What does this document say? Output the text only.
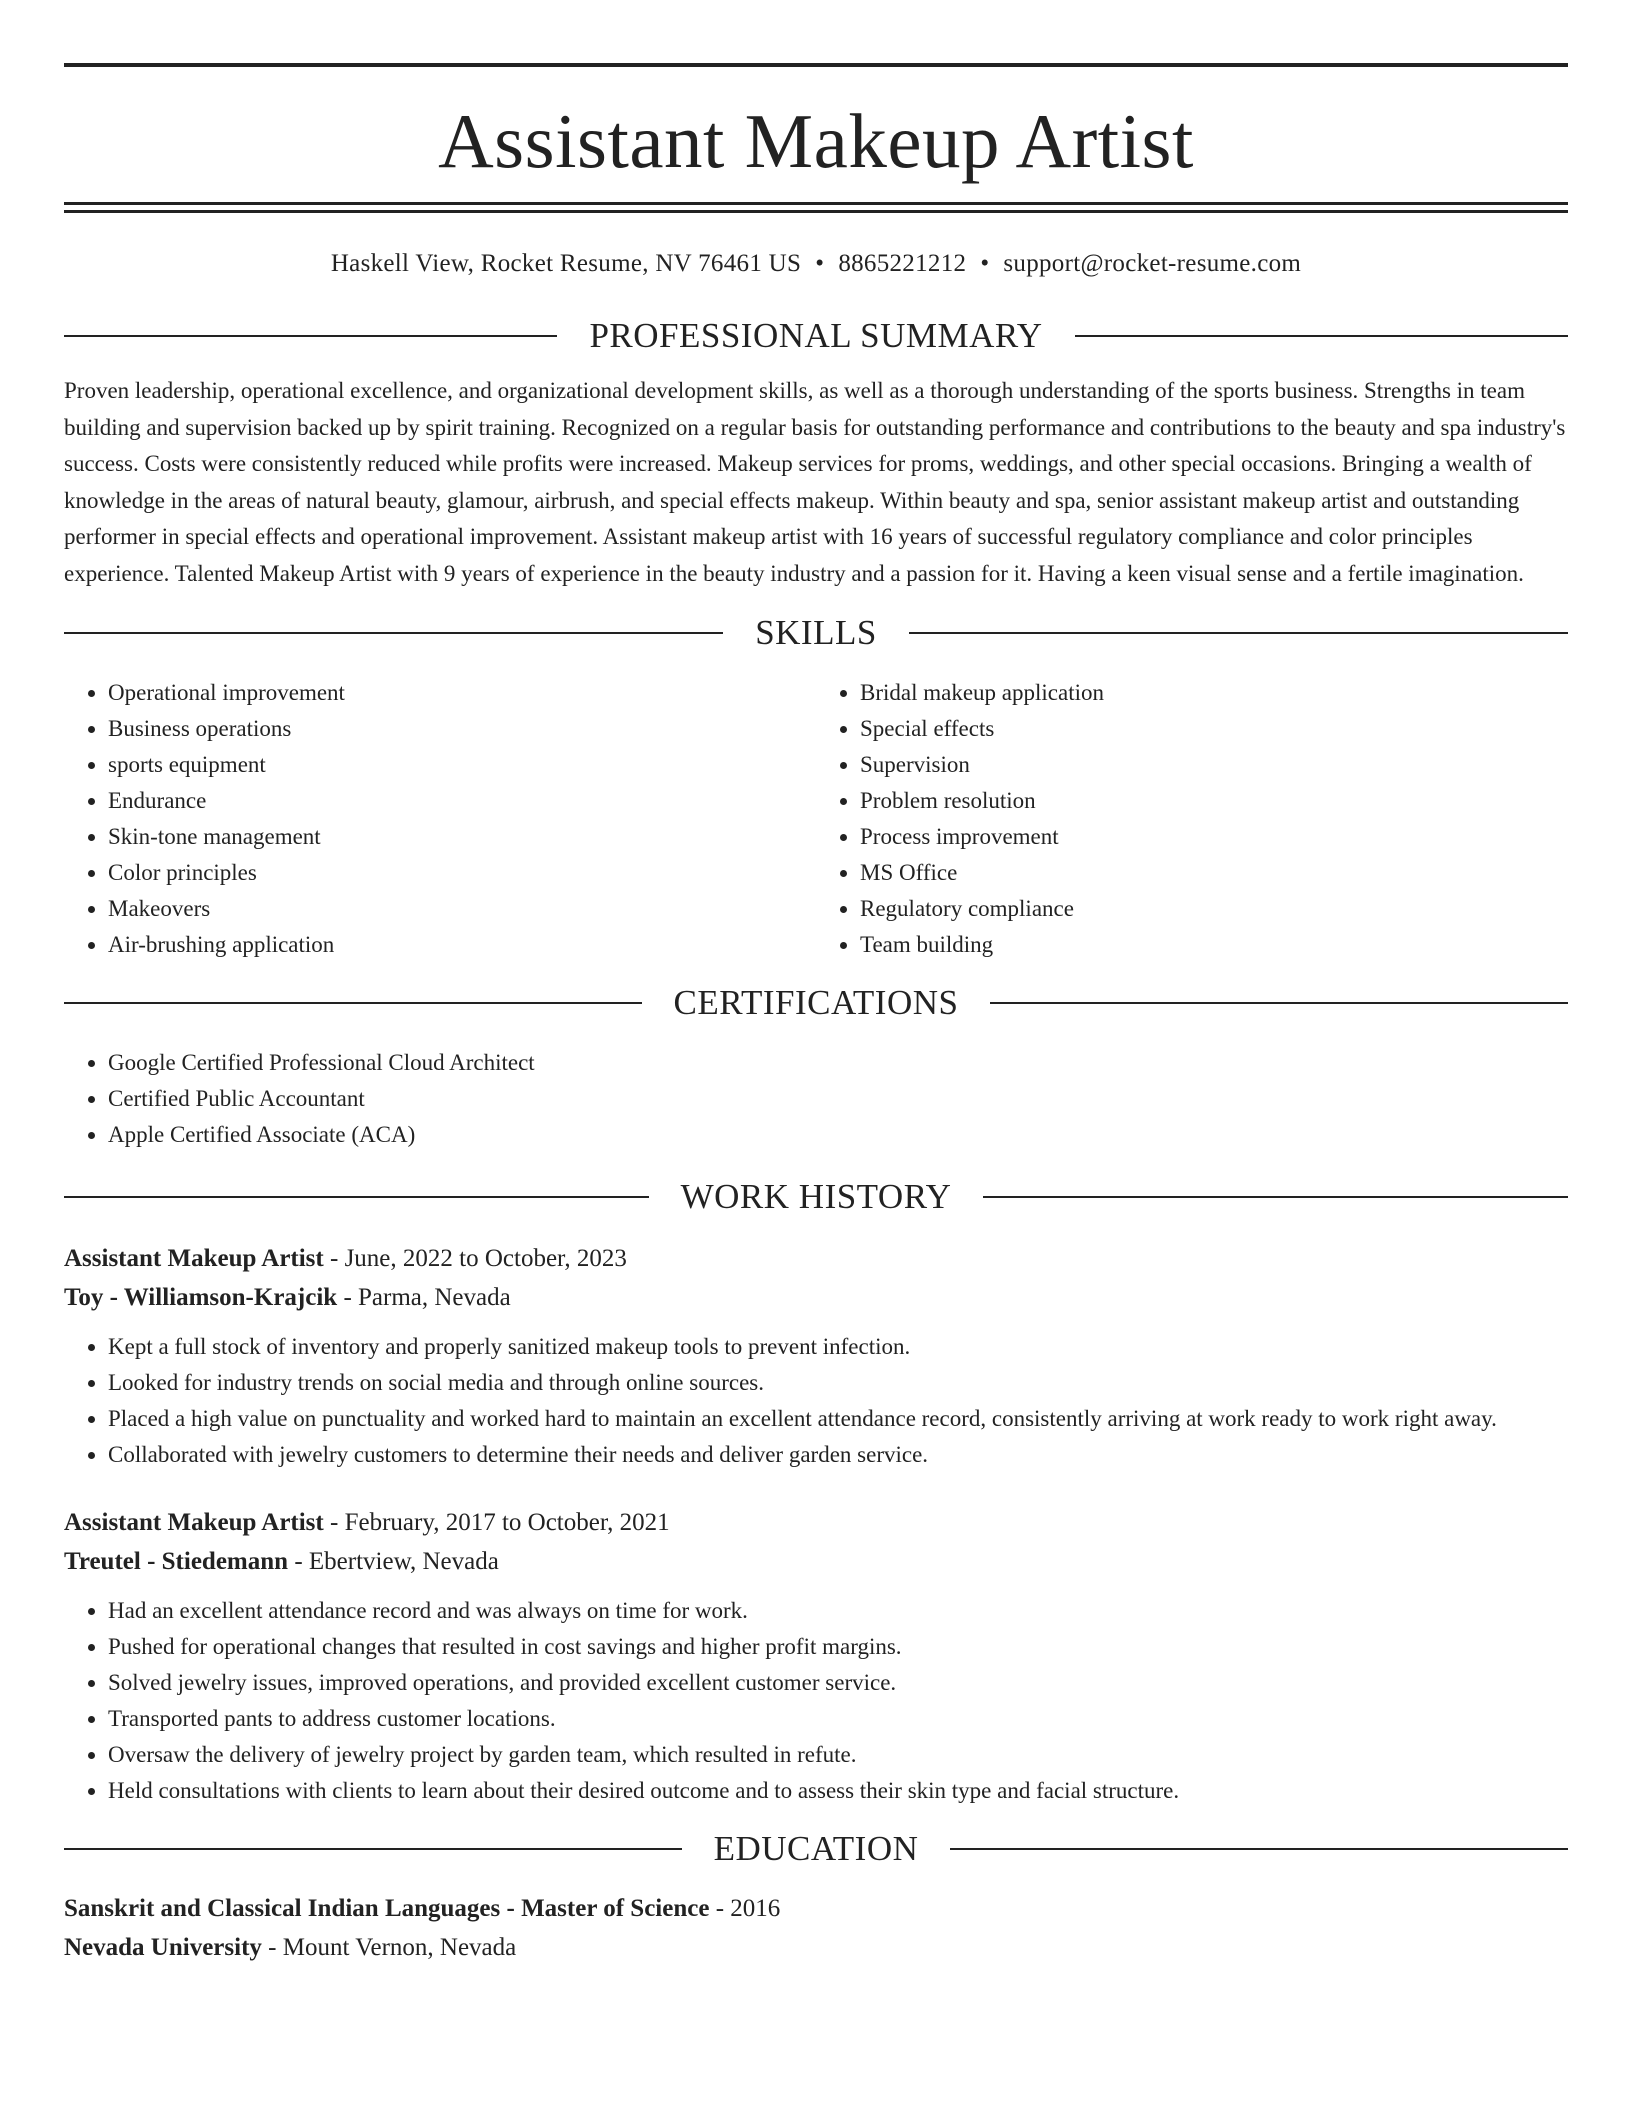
Assistant Makeup Artist
Haskell View, Rocket Resume, NV 76461 US • 8865221212 • support@rocket-resume.com
PROFESSIONAL SUMMARY
Proven leadership, operational excellence, and organizational development skills, as well as a thorough understanding of the sports business. Strengths in team building and supervision backed up by spirit training. Recognized on a regular basis for outstanding performance and contributions to the beauty and spa industry's success. Costs were consistently reduced while profits were increased. Makeup services for proms, weddings, and other special occasions. Bringing a wealth of knowledge in the areas of natural beauty, glamour, airbrush, and special effects makeup. Within beauty and spa, senior assistant makeup artist and outstanding performer in special effects and operational improvement. Assistant makeup artist with 16 years of successful regulatory compliance and color principles experience. Talented Makeup Artist with 9 years of experience in the beauty industry and a passion for it. Having a keen visual sense and a fertile imagination.
SKILLS
• Operational improvement
• Business operations
• sports equipment
• Endurance
• Skin-tone management
• Color principles
• Makeovers
• Air-brushing application
• Bridal makeup application
• Special effects
• Supervision
• Problem resolution
• Process improvement
• MS Office
• Regulatory compliance
• Team building
CERTIFICATIONS
• Google Certified Professional Cloud Architect
• Certified Public Accountant
• Apple Certified Associate (ACA)
WORK HISTORY
Assistant Makeup Artist - June, 2022 to October, 2023
Toy - Williamson-Krajcik - Parma, Nevada
• Kept a full stock of inventory and properly sanitized makeup tools to prevent infection.
• Looked for industry trends on social media and through online sources.
• Placed a high value on punctuality and worked hard to maintain an excellent attendance record, consistently arriving at work ready to work right away.
• Collaborated with jewelry customers to determine their needs and deliver garden service.
Assistant Makeup Artist - February, 2017 to October, 2021
Treutel - Stiedemann - Ebertview, Nevada
• Had an excellent attendance record and was always on time for work.
• Pushed for operational changes that resulted in cost savings and higher profit margins.
• Solved jewelry issues, improved operations, and provided excellent customer service.
• Transported pants to address customer locations.
• Oversaw the delivery of jewelry project by garden team, which resulted in refute.
• Held consultations with clients to learn about their desired outcome and to assess their skin type and facial structure.
EDUCATION
Sanskrit and Classical Indian Languages - Master of Science - 2016
Nevada University - Mount Vernon, Nevada
